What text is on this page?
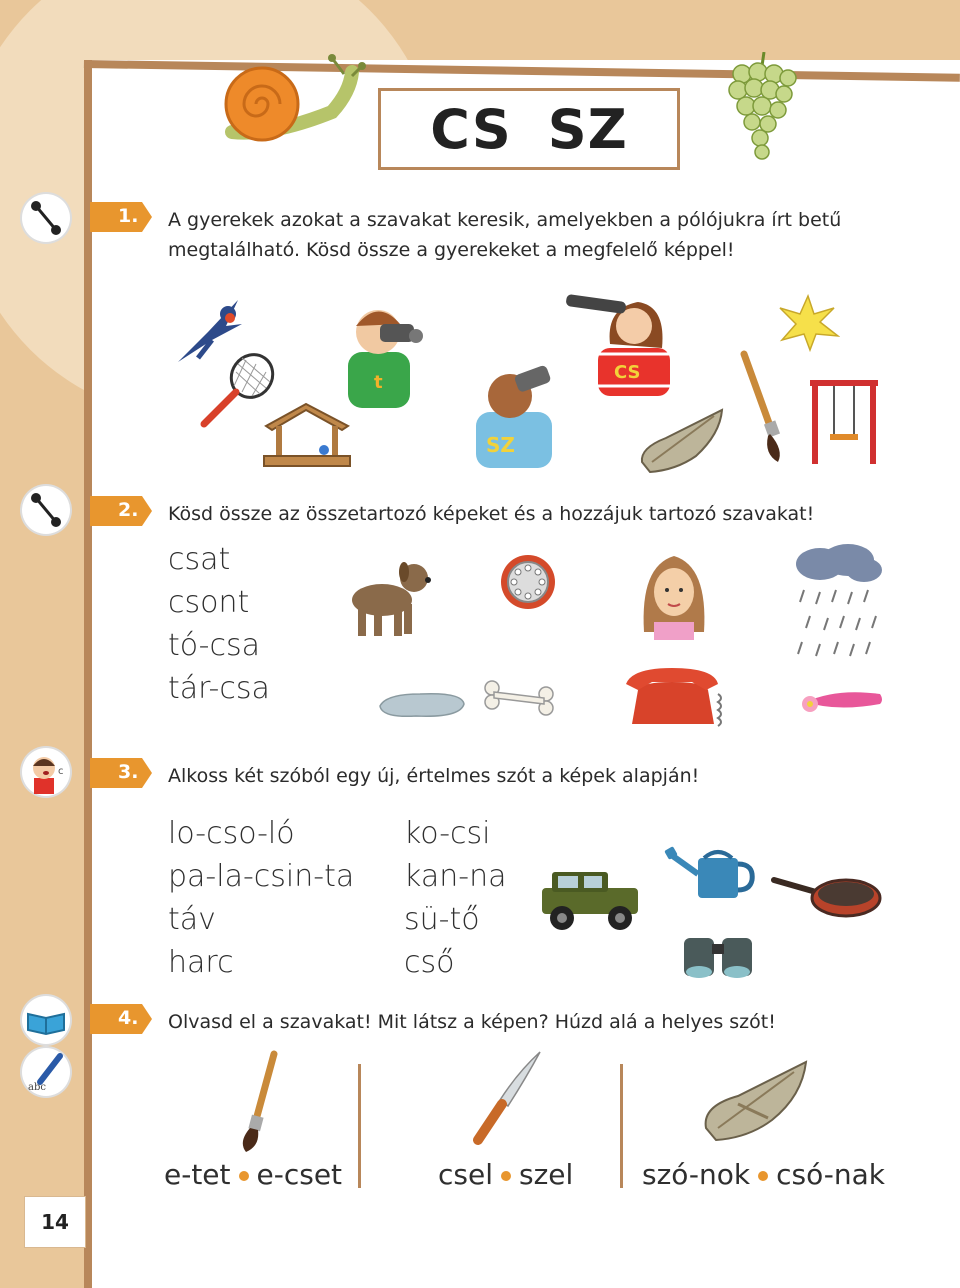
CS SZ
c
abc
1. A gyerekek azokat a szavakat keresik, amelyekben a pólójukra írt betű
megtalálható. Kösd össze a gyerekeket a megfelelő képpel!
t
SZ
CS
2. Kösd össze az összetartozó képeket és a hozzájuk tartozó szavakat!
csat
csont
tó-csa
tár-csa
3. Alkoss két szóból egy új, értelmes szót a képek alapján!
lo-cso-ló
pa-la-csin-ta
táv
harc
ko-csi
kan-na
sü-tő
cső
4. Olvasd el a szavakat! Mit látsz a képen? Húzd alá a helyes szót!
e-tet e-cset	csel szel szó-nok csó-nak
14
